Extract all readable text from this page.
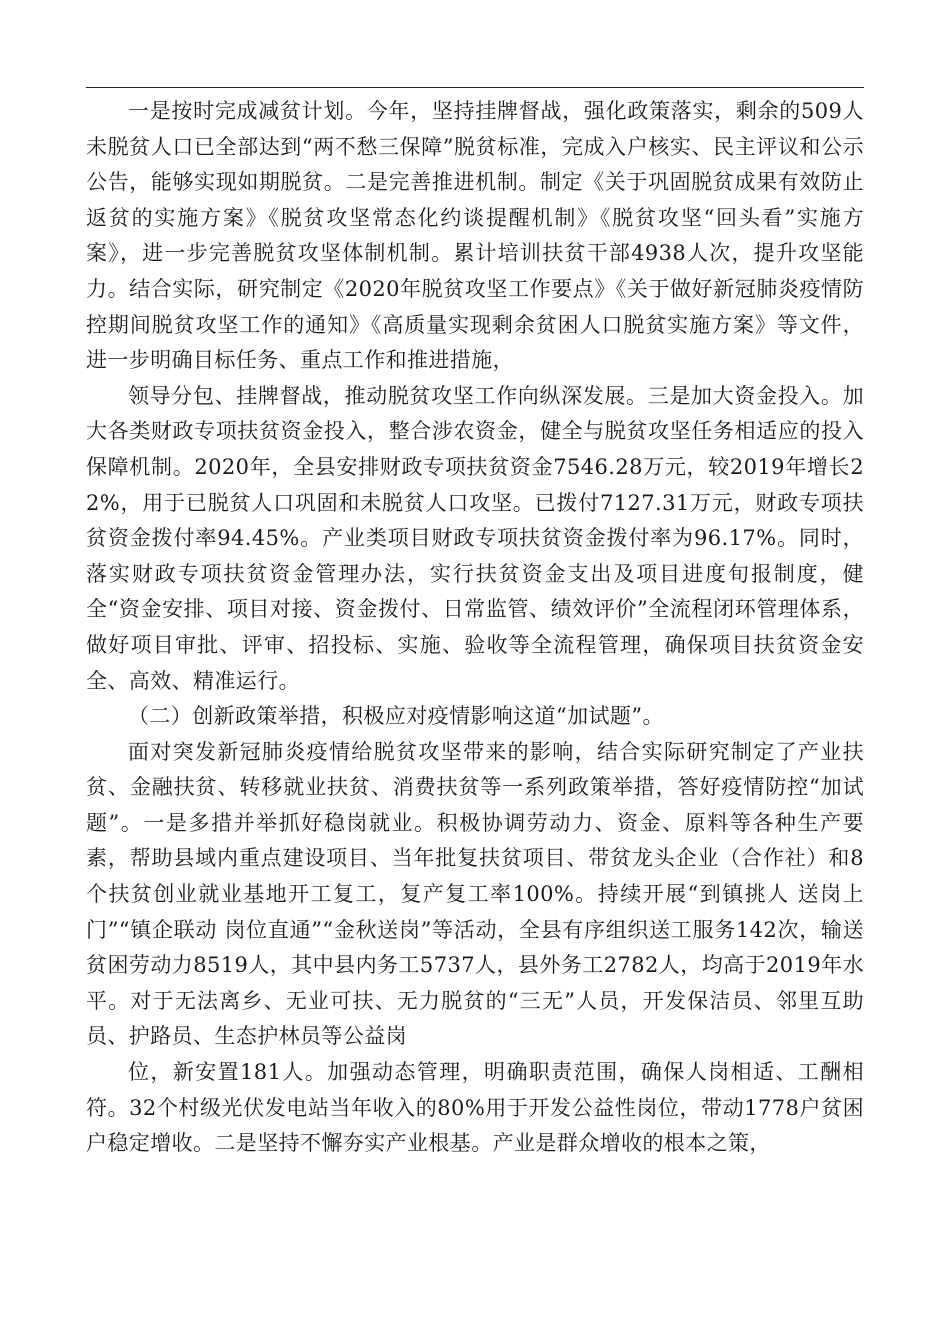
一是按时完成减贫计划。今年，坚持挂牌督战，强化政策落实，剩余的509人未脱贫人口已全部达到“两不愁三保障”脱贫标准，完成入户核实、民主评议和公示公告，能够实现如期脱贫。二是完善推进机制。制定《关于巩固脱贫成果有效防止返贫的实施方案》《脱贫攻坚常态化约谈提醒机制》《脱贫攻坚“回头看”实施方案》，进一步完善脱贫攻坚体制机制。累计培训扶贫干部4938人次，提升攻坚能力。结合实际，研究制定《2020年脱贫攻坚工作要点》《关于做好新冠肺炎疫情防控期间脱贫攻坚工作的通知》《高质量实现剩余贫困人口脱贫实施方案》等文件，进一步明确目标任务、重点工作和推进措施，

领导分包、挂牌督战，推动脱贫攻坚工作向纵深发展。三是加大资金投入。加大各类财政专项扶贫资金投入，整合涉农资金，健全与脱贫攻坚任务相适应的投入保障机制。2020年，全县安排财政专项扶贫资金7546.28万元，较2019年增长22%，用于已脱贫人口巩固和未脱贫人口攻坚。已拨付7127.31万元，财政专项扶贫资金拨付率94.45%。产业类项目财政专项扶贫资金拨付率为96.17%。同时，落实财政专项扶贫资金管理办法，实行扶贫资金支出及项目进度旬报制度，健全“资金安排、项目对接、资金拨付、日常监管、绩效评价”全流程闭环管理体系，做好项目审批、评审、招投标、实施、验收等全流程管理，确保项目扶贫资金安全、高效、精准运行。

（二）创新政策举措，积极应对疫情影响这道“加试题”。

面对突发新冠肺炎疫情给脱贫攻坚带来的影响，结合实际研究制定了产业扶贫、金融扶贫、转移就业扶贫、消费扶贫等一系列政策举措，答好疫情防控“加试题”。一是多措并举抓好稳岗就业。积极协调劳动力、资金、原料等各种生产要素，帮助县域内重点建设项目、当年批复扶贫项目、带贫龙头企业（合作社）和8个扶贫创业就业基地开工复工，复产复工率100%。持续开展“到镇挑人 送岗上门”“镇企联动 岗位直通”“金秋送岗”等活动，全县有序组织送工服务142次，输送贫困劳动力8519人，其中县内务工5737人，县外务工2782人，均高于2019年水平。对于无法离乡、无业可扶、无力脱贫的“三无”人员，开发保洁员、邻里互助员、护路员、生态护林员等公益岗

位，新安置181人。加强动态管理，明确职责范围，确保人岗相适、工酬相符。32个村级光伏发电站当年收入的80%用于开发公益性岗位，带动1778户贫困户稳定增收。二是坚持不懈夯实产业根基。产业是群众增收的根本之策，
